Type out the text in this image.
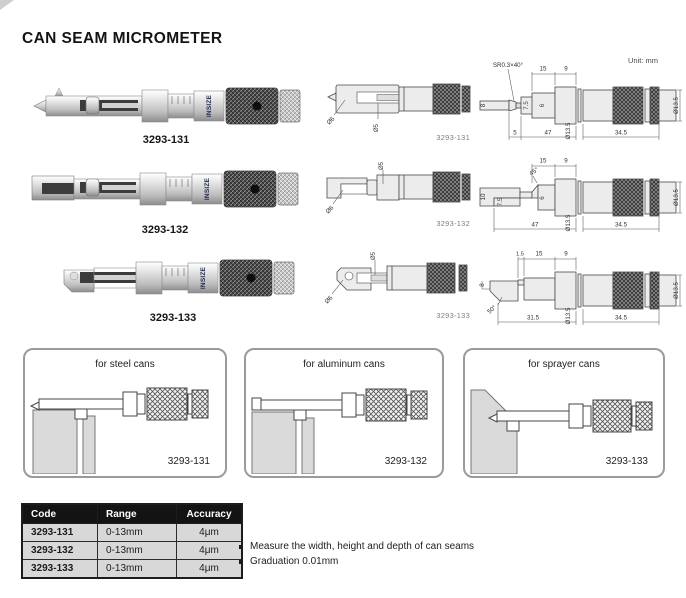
CAN SEAM MICROMETER
Unit: mm
INSIZE
3293-131
Ø6
Ø5
3293-131
SR0.3×40°	15	9
8	7.5 6
Ø13.5
5	47	34.5
Ø13.5
INSIZE
3293-132
Ø6
Ø5
3293-132
45°
15	9
10
7.5	6
Ø13.5
47	34.5
Ø13.5
INSIZE
3293-133
Ø6
Ø5
3293-133
1.5 15	9
8
50°	Ø13.5
31.5	34.5
Ø13.5
for steel cans
3293-131
for aluminum cans
3293-132
for sprayer cans
3293-133
Code	Range	Accuracy
3293-131	0-13mm	4μm
3293-132	0-13mm	4μm
3293-133	0-13mm	4μm
Measure the width, height and depth of can seams
Graduation 0.01mm
